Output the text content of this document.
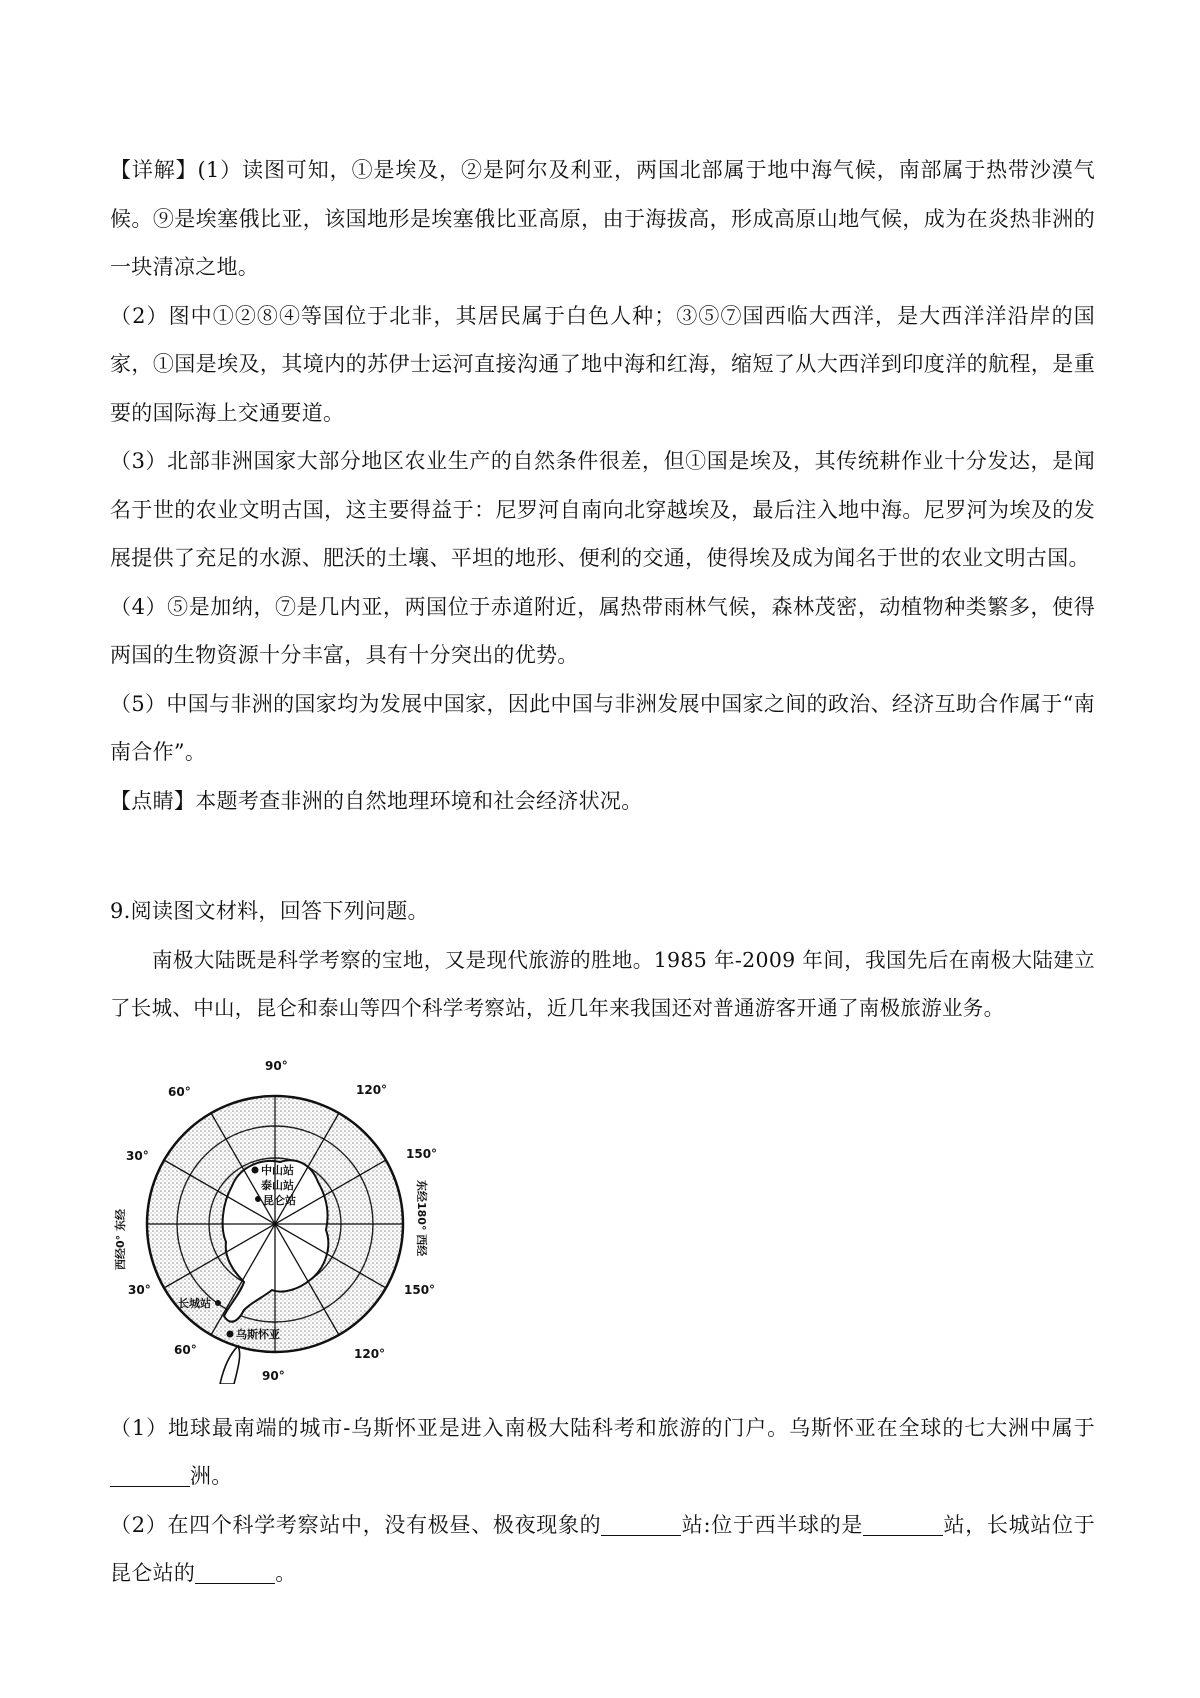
【详解】(1）读图可知，①是埃及，②是阿尔及利亚，两国北部属于地中海气候，南部属于热带沙漠气候。⑨是埃塞俄比亚，该国地形是埃塞俄比亚高原，由于海拔高，形成高原山地气候，成为在炎热非洲的一块清凉之地。

（2）图中①②⑧④等国位于北非，其居民属于白色人种；③⑤⑦国西临大西洋，是大西洋洋沿岸的国家，①国是埃及，其境内的苏伊士运河直接沟通了地中海和红海，缩短了从大西洋到印度洋的航程，是重要的国际海上交通要道。

（3）北部非洲国家大部分地区农业生产的自然条件很差，但①国是埃及，其传统耕作业十分发达，是闻名于世的农业文明古国，这主要得益于：尼罗河自南向北穿越埃及，最后注入地中海。尼罗河为埃及的发展提供了充足的水源、肥沃的土壤、平坦的地形、便利的交通，使得埃及成为闻名于世的农业文明古国。

（4）⑤是加纳，⑦是几内亚，两国位于赤道附近，属热带雨林气候，森林茂密，动植物种类繁多，使得两国的生物资源十分丰富，具有十分突出的优势。

（5）中国与非洲的国家均为发展中国家，因此中国与非洲发展中国家之间的政治、经济互助合作属于“南南合作”。

【点睛】本题考查非洲的自然地理环境和社会经济状况。

9.阅读图文材料，回答下列问题。

南极大陆既是科学考察的宝地，又是现代旅游的胜地。1985 年-2009 年间，我国先后在南极大陆建立了长城、中山，昆仑和泰山等四个科学考察站，近几年来我国还对普通游客开通了南极旅游业务。

90°
60°	120°
30°	150°
30°	150°
60°	120°
90°
西经0° 东经	东经180° 西经
中山站
泰山站
昆仑站
长城站
乌斯怀亚

（1）地球最南端的城市-乌斯怀亚是进入南极大陆科考和旅游的门户。乌斯怀亚在全球的七大洲中属于洲。

（2）在四个科学考察站中，没有极昼、极夜现象的	站:位于西半球的是	站，长城站位于昆仑站的	。
